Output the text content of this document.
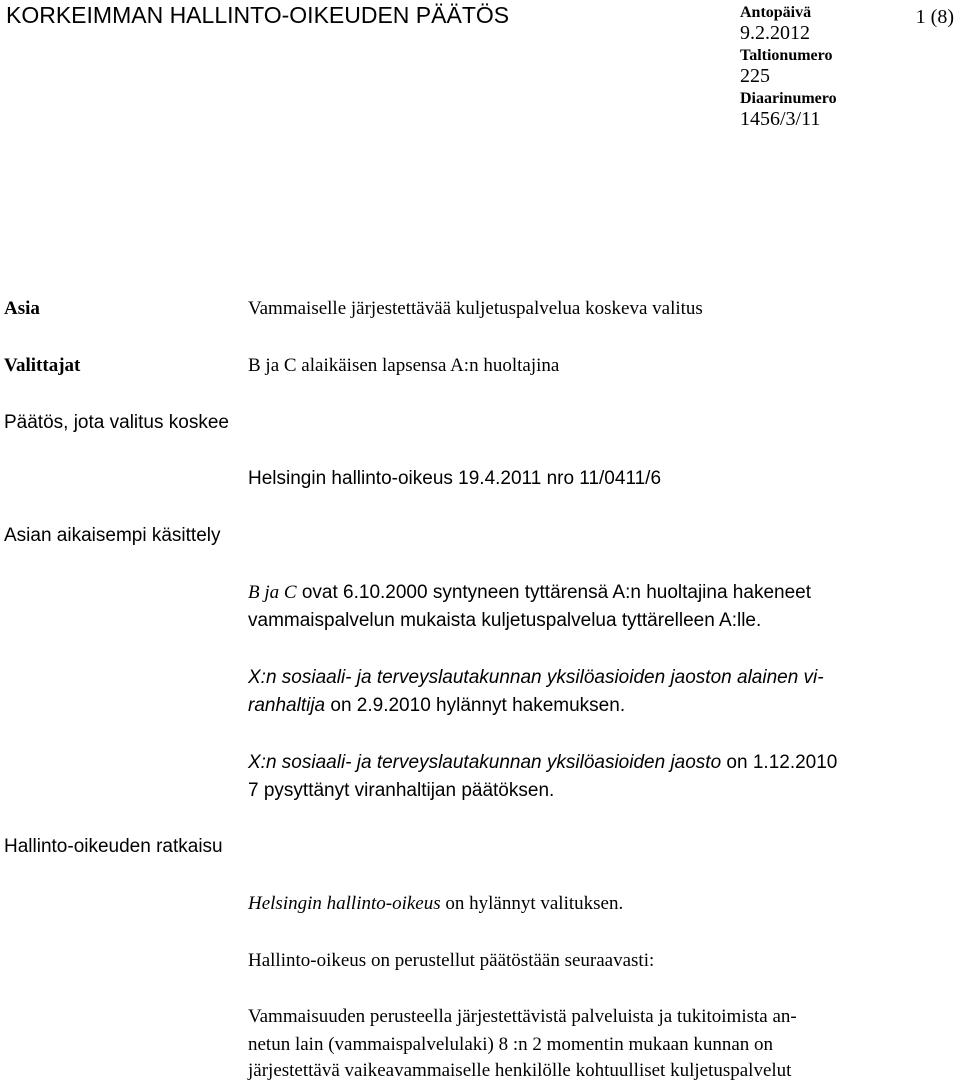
KORKEIMMAN HALLINTO-OIKEUDEN PÄÄTÖS	Antopäivä
9.2.2012
Taltionumero
225
Diaarinumero
1456/3/11
1 (8)
Asia	Vammaiselle järjestettävää kuljetuspalvelua koskeva valitus
Valittajat	B ja C alaikäisen lapsensa A:n huoltajina
Päätös, jota valitus koskee
Helsingin hallinto-oikeus 19.4.2011 nro 11/0411/6
Asian aikaisempi käsittely
B ja C ovat 6.10.2000 syntyneen tyttärensä A:n huoltajina hakeneet
vammaispalvelun mukaista kuljetuspalvelua tyttärelleen A:lle.
X:n sosiaali- ja terveyslautakunnan yksilöasioiden jaoston alainen vi-
ranhaltija on 2.9.2010 hylännyt hakemuksen.
X:n sosiaali- ja terveyslautakunnan yksilöasioiden jaosto on 1.12.2010
7 pysyttänyt viranhaltijan päätöksen.
Hallinto-oikeuden ratkaisu
Helsingin hallinto-oikeus on hylännyt valituksen.
Hallinto-oikeus on perustellut päätöstään seuraavasti:
Vammaisuuden perusteella järjestettävistä palveluista ja tukitoimista an-
netun lain (vammaispalvelulaki) 8 :n 2 momentin mukaan kunnan on
järjestettävä vaikeavammaiselle henkilölle kohtuulliset kuljetuspalvelut
